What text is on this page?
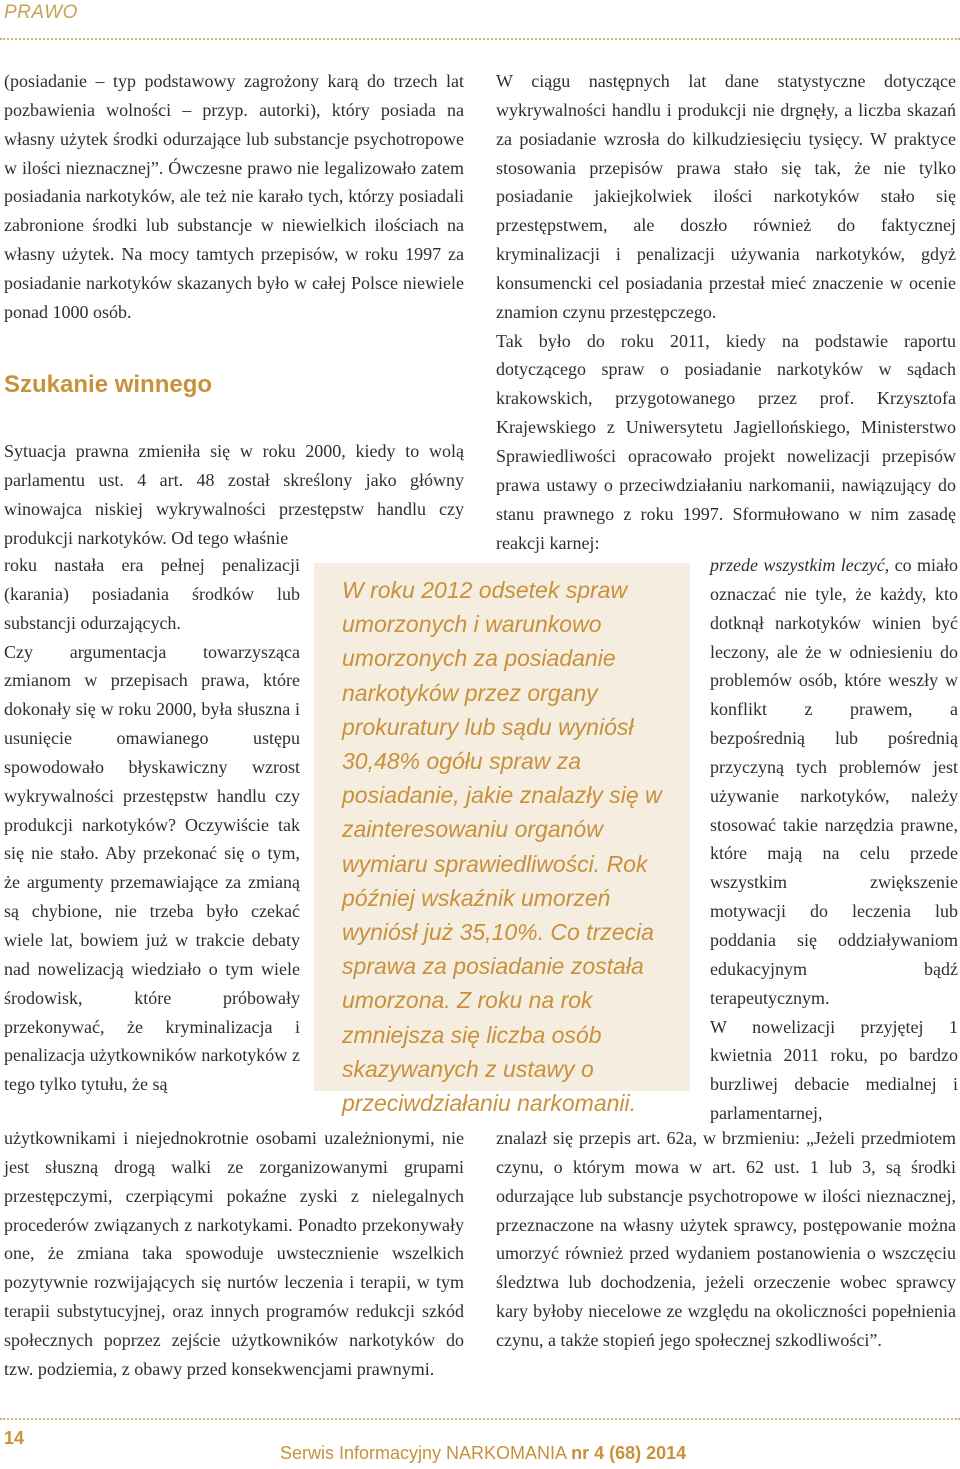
PRAWO

(posiadanie – typ podstawowy zagrożony karą do trzech lat pozbawienia wolności – przyp. autorki), który posiada na własny użytek środki odurzające lub substancje psychotropowe w ilości nieznacznej”. Ówczesne prawo nie legalizowało zatem posiadania narkotyków, ale też nie karało tych, którzy posiadali zabronione środki lub substancje w niewielkich ilościach na własny użytek. Na mocy tamtych przepisów, w roku 1997 za posiadanie narkotyków skazanych było w całej Polsce niewiele ponad 1000 osób.

Szukanie winnego

Sytuacja prawna zmieniła się w roku 2000, kiedy to wolą parlamentu ust. 4 art. 48 został skreślony jako główny winowajca niskiej wykrywalności przestępstw handlu czy produkcji narkotyków. Od tego właśnie

roku nastała era pełnej penalizacji (karania) posiadania środków lub substancji odurzających.

Czy argumentacja towarzysząca zmianom w przepisach prawa, które dokonały się w roku 2000, była słuszna i usunięcie omawianego ustępu spowodowało błyskawiczny wzrost wykrywalności przestępstw handlu czy produkcji narkotyków? Oczywiście tak się nie stało. Aby przekonać się o tym, że argumenty przemawiające za zmianą są chybione, nie trzeba było czekać wiele lat, bowiem już w trakcie debaty nad nowelizacją wiedziało o tym wiele środowisk, które próbowały przekonywać, że kryminalizacja i penalizacja użytkowników narkotyków z tego tylko tytułu, że są

użytkownikami i niejednokrotnie osobami uzależnionymi, nie jest słuszną drogą walki ze zorganizowanymi grupami przestępczymi, czerpiącymi pokaźne zyski z nielegalnych procederów związanych z narkotykami. Ponadto przekonywały one, że zmiana taka spowoduje uwstecznienie wszelkich pozytywnie rozwijających się nurtów leczenia i terapii, w tym terapii substytucyjnej, oraz innych programów redukcji szkód społecznych poprzez zejście użytkowników narkotyków do tzw. podziemia, z obawy przed konsekwencjami prawnymi.

W ciągu następnych lat dane statystyczne dotyczące wykrywalności handlu i produkcji nie drgnęły, a liczba skazań za posiadanie wzrosła do kilkudziesięciu tysięcy. W praktyce stosowania przepisów prawa stało się tak, że nie tylko posiadanie jakiejkolwiek ilości narkotyków stało się przestępstwem, ale doszło również do faktycznej kryminalizacji i penalizacji używania narkotyków, gdyż konsumencki cel posiadania przestał mieć znaczenie w ocenie znamion czynu przestępczego.

Tak było do roku 2011, kiedy na podstawie raportu dotyczącego spraw o posiadanie narkotyków w sądach krakowskich, przygotowanego przez prof. Krzysztofa Krajewskiego z Uniwersytetu Jagiellońskiego, Ministerstwo Sprawiedliwości opracowało projekt nowelizacji przepisów prawa ustawy o przeciwdziałaniu narkomanii, nawiązujący do stanu prawnego z roku 1997. Sformułowano w nim zasadę reakcji karnej:

przede wszystkim leczyć, co miało oznaczać nie tyle, że każdy, kto dotknął narkotyków winien być leczony, ale że w odniesieniu do problemów osób, które weszły w konflikt z prawem, a bezpośrednią lub pośrednią przyczyną tych problemów jest używanie narkotyków, należy stosować takie narzędzia prawne, które mają na celu przede wszystkim zwiększenie motywacji do leczenia lub poddania się oddziaływaniom edukacyjnym bądź terapeutycznym.

W nowelizacji przyjętej 1 kwietnia 2011 roku, po bardzo burzliwej debacie medialnej i parlamentarnej,

znalazł się przepis art. 62a, w brzmieniu: „Jeżeli przedmiotem czynu, o którym mowa w art. 62 ust. 1 lub 3, są środki odurzające lub substancje psychotropowe w ilości nieznacznej, przeznaczone na własny użytek sprawcy, postępowanie można umorzyć również przed wydaniem postanowienia o wszczęciu śledztwa lub dochodzenia, jeżeli orzeczenie wobec sprawcy kary byłoby niecelowe ze względu na okoliczności popełnienia czynu, a także stopień jego społecznej szkodliwości”.

W roku 2012 odsetek spraw umorzonych i warunkowo umorzonych za posiadanie narkotyków przez organy prokuratury lub sądu wyniósł 30,48% ogółu spraw za posiadanie, jakie znalazły się w zainteresowaniu organów wymiaru sprawiedliwości. Rok później wskaźnik umorzeń wyniósł już 35,10%. Co trzecia sprawa za posiadanie została umorzona. Z roku na rok zmniejsza się liczba osób skazywanych z ustawy o przeciwdziałaniu narkomanii.

14
Serwis Informacyjny NARKOMANIA nr 4 (68) 2014
